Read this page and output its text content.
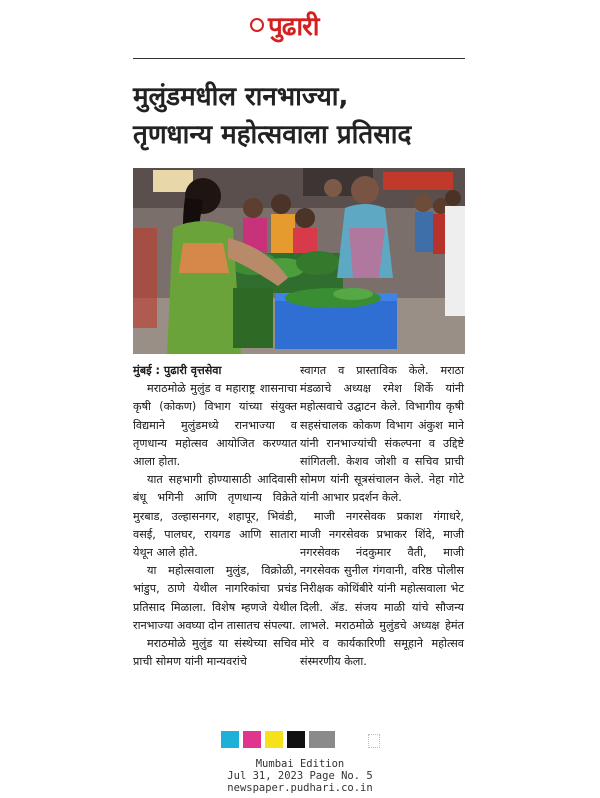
पुढारी
मुलुंडमधील रानभाज्या,
तृणधान्य महोत्सवाला प्रतिसाद

मुंबई : पुढारी वृत्तसेवा

मराठमोळे मुलुंड व महाराष्ट्र शासनाचा कृषी (कोकण) विभाग यांच्या संयुक्त विद्यमाने मुलुंडमध्ये रानभाज्या व तृणधान्य महोत्सव आयोजित करण्यात आला होता.

यात सहभागी होण्यासाठी आदिवासी बंधू भगिनी आणि तृणधान्य विक्रेते मुरबाड, उल्हासनगर, शहापूर, भिवंडी, वसई, पालघर, रायगड आणि सातारा येथून आले होते.

या महोत्सवाला मुलुंड, विक्रोळी, भांडुप, ठाणे येथील नागरिकांचा प्रचंड प्रतिसाद मिळाला. विशेष म्हणजे येथील रानभाज्या अवघ्या दोन तासातच संपल्या.

मराठमोळे मुलुंड या संस्थेच्या सचिव प्राची सोमण यांनी मान्यवरांचे

स्वागत व प्रास्ताविक केले. मराठा मंडळाचे अध्यक्ष रमेश शिर्के यांनी महोत्सवाचे उद्घाटन केले. विभागीय कृषी सहसंचालक कोकण विभाग अंकुश माने यांनी रानभाज्यांची संकल्पना व उद्दिष्टे सांगितली. केशव जोशी व सचिव प्राची सोमण यांनी सूत्रसंचालन केले. नेहा गोटे यांनी आभार प्रदर्शन केले.

माजी नगरसेवक प्रकाश गंगाधरे, माजी नगरसेवक प्रभाकर शिंदे, माजी नगरसेवक नंदकुमार वैती, माजी नगरसेवक सुनील गंगवानी, वरिष्ठ पोलीस निरीक्षक कोथिंबीरे यांनी महोत्सवाला भेट दिली. ॲड. संजय माळी यांचे सौजन्य लाभले. मराठमोळे मुलुंडचे अध्यक्ष हेमंत मोरे व कार्यकारिणी समूहाने महोत्सव संस्मरणीय केला.

Mumbai Edition
Jul 31, 2023 Page No. 5
newspaper.pudhari.co.in
